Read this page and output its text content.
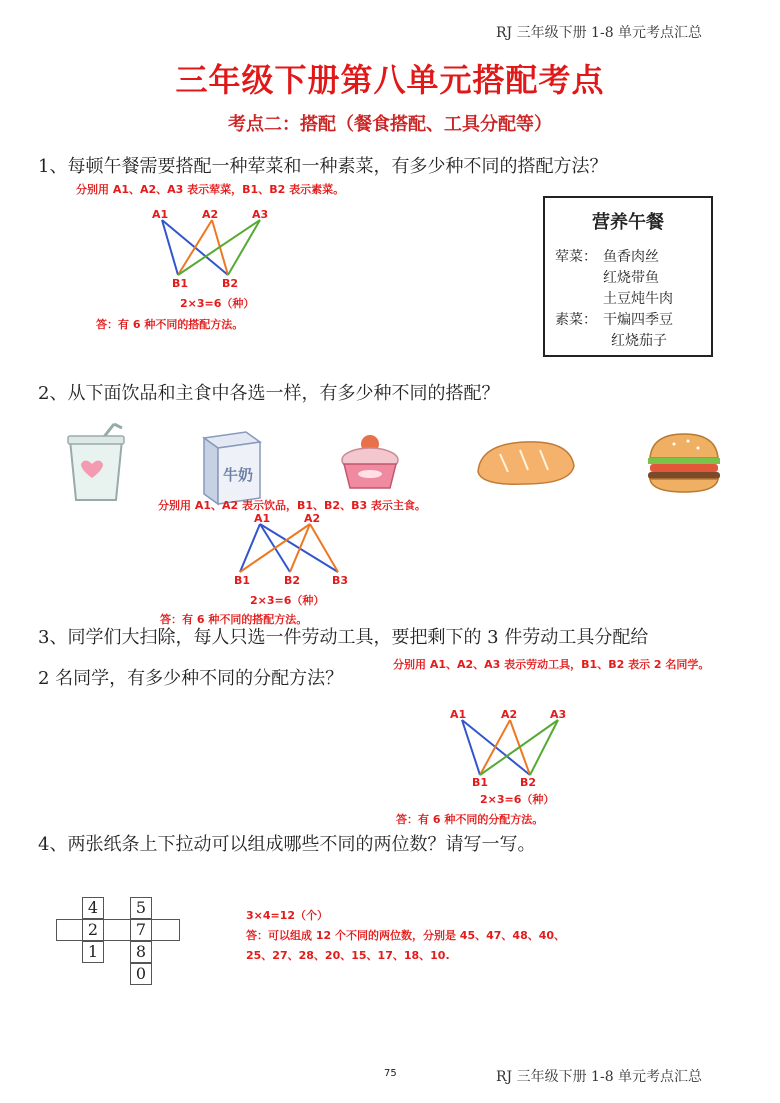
RJ 三年级下册 1-8 单元考点汇总
三年级下册第八单元搭配考点
考点二：搭配（餐食搭配、工具分配等）
1、每顿午餐需要搭配一种荤菜和一种素菜，有多少种不同的搭配方法？
分别用 A1、A2、A3 表示荤菜，B1、B2 表示素菜。
A1	A2	A3
B1	B2
2×3=6（种）
答：有 6 种不同的搭配方法。
营养午餐
荤菜： 鱼香肉丝
红烧带鱼
土豆炖牛肉
素菜： 干煸四季豆
红烧茄子
2、从下面饮品和主食中各选一样，有多少种不同的搭配？
牛奶
分别用 A1、A2 表示饮品，B1、B2、B3 表示主食。
A1	A2
B1	B2	B3
2×3=6（种）
答：有 6 种不同的搭配方法。
3、同学们大扫除，每人只选一件劳动工具，要把剩下的 3 件劳动工具分配给
2 名同学，有多少种不同的分配方法？
分别用 A1、A2、A3 表示劳动工具，B1、B2 表示 2 名同学。
A1	A2	A3
B1	B2
2×3=6（种）
答：有 6 种不同的分配方法。
4、两张纸条上下拉动可以组成哪些不同的两位数？请写一写。
4
2
1
5
7
8
0
3×4=12（个）
答：可以组成 12 个不同的两位数，分别是 45、47、48、40、
25、27、28、20、15、17、18、10.
75	RJ 三年级下册 1-8 单元考点汇总
